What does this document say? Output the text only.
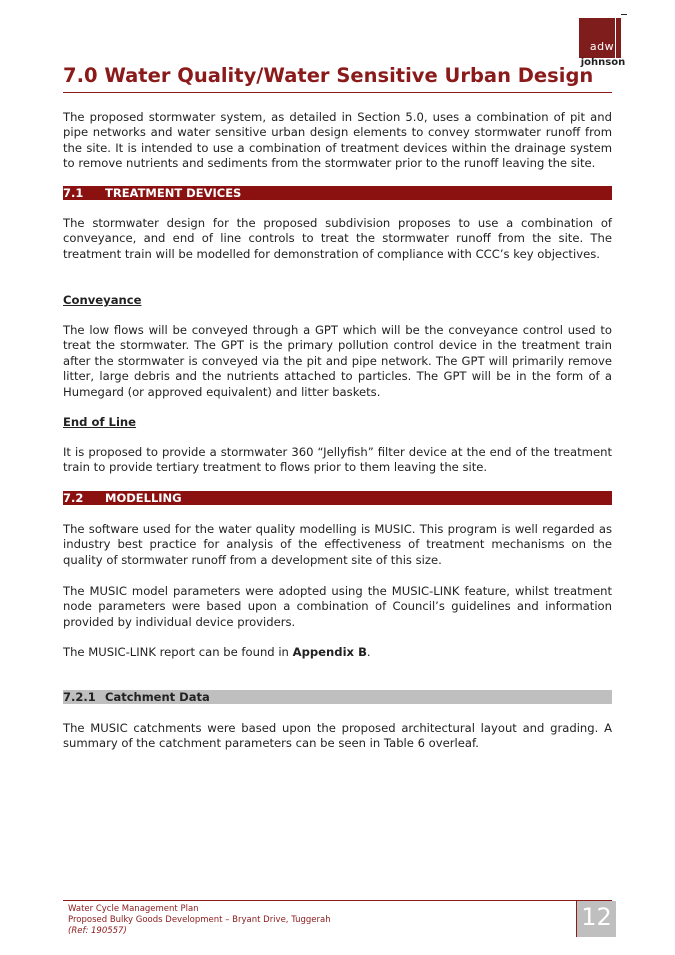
adw
johnson
7.0 Water Quality/Water Sensitive Urban Design
The proposed stormwater system, as detailed in Section 5.0, uses a combination of pit and pipe networks and water sensitive urban design elements to convey stormwater runoff from the site. It is intended to use a combination of treatment devices within the drainage system to remove nutrients and sediments from the stormwater prior to the runoff leaving the site.
7.1 TREATMENT DEVICES
The stormwater design for the proposed subdivision proposes to use a combination of conveyance, and end of line controls to treat the stormwater runoff from the site. The treatment train will be modelled for demonstration of compliance with CCC’s key objectives.
Conveyance
The low flows will be conveyed through a GPT which will be the conveyance control used to treat the stormwater. The GPT is the primary pollution control device in the treatment train after the stormwater is conveyed via the pit and pipe network. The GPT will primarily remove litter, large debris and the nutrients attached to particles. The GPT will be in the form of a Humegard (or approved equivalent) and litter baskets.
End of Line
It is proposed to provide a stormwater 360 “Jellyfish” filter device at the end of the treatment train to provide tertiary treatment to flows prior to them leaving the site.
7.2 MODELLING
The software used for the water quality modelling is MUSIC. This program is well regarded as industry best practice for analysis of the effectiveness of treatment mechanisms on the quality of stormwater runoff from a development site of this size.
The MUSIC model parameters were adopted using the MUSIC-LINK feature, whilst treatment node parameters were based upon a combination of Council’s guidelines and information provided by individual device providers.
The MUSIC-LINK report can be found in Appendix B.
7.2.1 Catchment Data
The MUSIC catchments were based upon the proposed architectural layout and grading. A summary of the catchment parameters can be seen in Table 6 overleaf.
Water Cycle Management Plan
Proposed Bulky Goods Development – Bryant Drive, Tuggerah
(Ref: 190557)	12
